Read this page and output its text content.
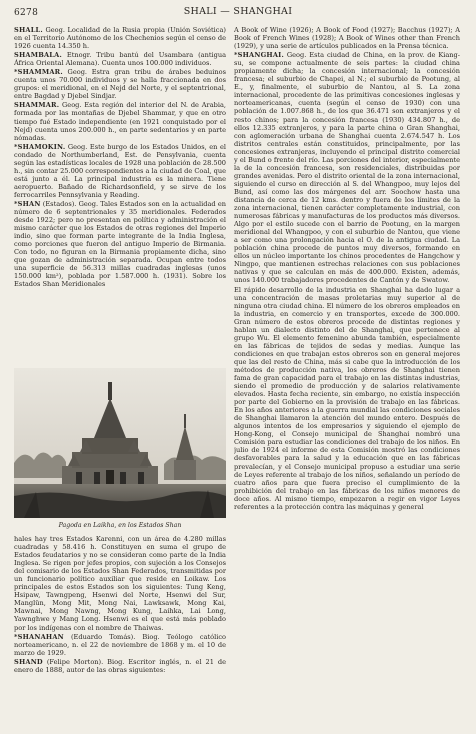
6278	SHALI — SHANGHAI

SHALL. Geog. Localidad de la Rusia propia (Unión Soviética) en el Territorio Autónomo de los Chechenios según el censo de 1926 cuenta 14.350 h.

SHAMBALA. Etnogr. Tribu bantú del Usambara (antigua África Oriental Alemana). Cuenta unos 100.000 individuos.

*SHAMMAR. Geog. Estra gran tribu de árabes beduinos cuenta unos 70.000 individuos y se halla fraccionada en dos grupos: el meridional, en el Nejd del Norte, y el septentrional, entre Bagdad y Djebel Sindjar.

SHAMMAR. Geog. Esta región del interior del N. de Arabia, formada por las montañas de Djebel Shammar, y que en otro tiempo fué Estado independiente (en 1921 conquistado por el Nejd) cuenta unos 200.000 h., en parte sedentarios y en parte nómadas.

*SHAMOKIN. Geog. Este burgo de los Estados Unidos, en el condado de Northumberland, Est. de Pensylvania, cuenta según las estadísticas locales de 1928 una población de 28.500 h., sin contar 25.000 correspondientes a la ciudad de Coal, que está junto a él. La principal industria es la minera. Tiene aeropuerto. Bañado de Richardsonfield, y se sirve de los ferrocarriles Pennsylvania y Reading.

*SHAN (Estados). Geog. Tales Estados son en la actualidad en número de 6 septentrionales y 35 meridionales. Federados desde 1922; pero no presentan en política y administración el mismo carácter que los Estados de otras regiones del Imperio indio, sino que forman parte integrante de la India Inglesa, como porciones que fueron del antiguo Imperio de Birmania. Con todo, no figuran en la Birmania propiamente dicha, sino que gozan de administración separada. Ocupan entre todos una superficie de 56.313 millas cuadradas inglesas (unos 150.000 km²), poblada por 1.587.000 h. (1931). Sobre los Estados Shan Meridionales

Pagoda en Laikha, en los Estados Shan

hales hay tres Estados Karenni, con un área de 4.280 millas cuadradas y 58.416 h. Constituyen en suma el grupo de Estados feudatarios y no se consideran como parte de la India Inglesa. Se rigen por jefes propios, con sujeción a los Consejos del comisario de los Estados Shan Federados, transmitidas por un funcionario político auxiliar que reside en Loikaw. Los principales de estos Estados son los siguientes: Tung Keng, Hsipaw, Tawngpeng, Hsenwi del Norte, Hsenwi del Sur, Manglün, Mong Mit, Mong Nai, Lawksawk, Mong Kai, Mawnai, Mong Nawng, Mong Kung, Laihka, Lai Long, Yawnghwe y Mang Long. Hsenwi es el que está más poblado por los indígenas con el nombre de Thaiwas.

*SHANAHAN (Eduardo Tomás). Biog. Teólogo católico norteamericano, n. el 22 de noviembre de 1868 y m. el 10 de marzo de 1929.

SHAND (Felipe Morton). Biog. Escritor inglés, n. el 21 de enero de 1888, autor de las obras siguientes:

A Book of Wine (1926); A Book of Food (1927); Bacchus (1927); A Book of French Wines (1928); A Book of Wines other than French (1929), y una serie de artículos publicados en la Prensa técnica.

*SHANGHAI. Geog. Esta ciudad de China, en la prov. de Kiang-su, se compone actualmente de seis partes: la ciudad china propiamente dicha; la concesión internacional; la concesión francesa; el suburbio de Chapei, al N.; el suburbio de Pootung, al E., y, finalmente, el suburbio de Nantou, al S. La zona internacional, procedente de las primitivas concesiones inglesas y norteamericanas, cuenta (según el censo de 1930) con una población de 1.007.868 h., de los que 36.471 son extranjeros y el resto chinos; para la concesión francesa (1930) 434.807 h., de ellos 12.335 extranjeros, y para la parte china o Gran Shanghai, con aglomeración urbana de Shanghai cuenta 2.674.547 h. Los distritos centrales están constituidos, principalmente, por las concesiones extranjeras, incluyendo el principal distrito comercial y el Bund o frente del río. Las porciones del interior, especialmente la de la concesión francesa, son residenciales, distribuidas por grandes avenidas. Pero el distrito oriental de la zona internacional, siguiendo el curso en dirección al S. del Whangpoo, muy lejos del Bund, así como las dos márgenes del arr. Soochow hasta una distancia de cerca de 12 kms. dentro y fuera de los límites de la zona internacional, tienen carácter completamente industrial, con numerosas fábricas y manufacturas de los productos más diversos. Algo por el estilo sucede con el barrio de Pootung, en la margen meridional del Whangpoo, y con el suburbio de Nantou, que viene a ser como una prolongación hacia el O. de la antigua ciudad. La población china procede de puntos muy diversos, formando en ellos un núcleo importante los chinos procedentes de Hangchow y Ningpo, que mantienen estrechas relaciones con sus poblaciones nativas y que se calculan en más de 400.000. Existen, además, unos 140.000 trabajadores procedentes de Cantón y de Swatow.

El rápido desarrollo de la industria en Shanghai ha dado lugar a una concentración de masas proletarias muy superior al de ninguna otra ciudad china. El número de los obreros empleados en la industria, en comercio y en transportes, excede de 300.000. Gran número de estos obreros procede de distintas regiones y hablan un dialecto distinto del de Shanghai, que pertenece al grupo Wu. El elemento femenino abunda también, especialmente en las fábricas de tejidos de sedas y medias. Aunque las condiciones en que trabajan estos obreros son en general mejores que las del resto de China, más si cabe que la introducción de los métodos de producción nativa, los obreros de Shanghai tienen fama de gran capacidad para el trabajo en las distintas industrias, siendo el promedio de producción y de salarios relativamente elevados. Hasta fecha reciente, sin embargo, no existía inspección por parte del Gobierno en la provisión de trabajo en las fábricas. En los años anteriores a la guerra mundial las condiciones sociales de Shanghai llamaron la atención del mundo entero. Después de algunos intentos de los empresarios y siguiendo el ejemplo de Hong-Kong, el Consejo municipal de Shanghai nombró una Comisión para estudiar las condiciones del trabajo de los niños. En julio de 1924 el informe de esta Comisión mostró las condiciones desfavorables para la salud y la educación que en las fábricas prevalecían, y el Consejo municipal propuso a estudiar una serie de Leyes referente al trabajo de los niños, señalando un período de cuatro años para que fuera preciso el cumplimiento de la prohibición del trabajo en las fábricas de los niños menores de doce años. Al mismo tiempo, empezaron a regir en vigor Leyes referentes a la protección contra las máquinas y general
